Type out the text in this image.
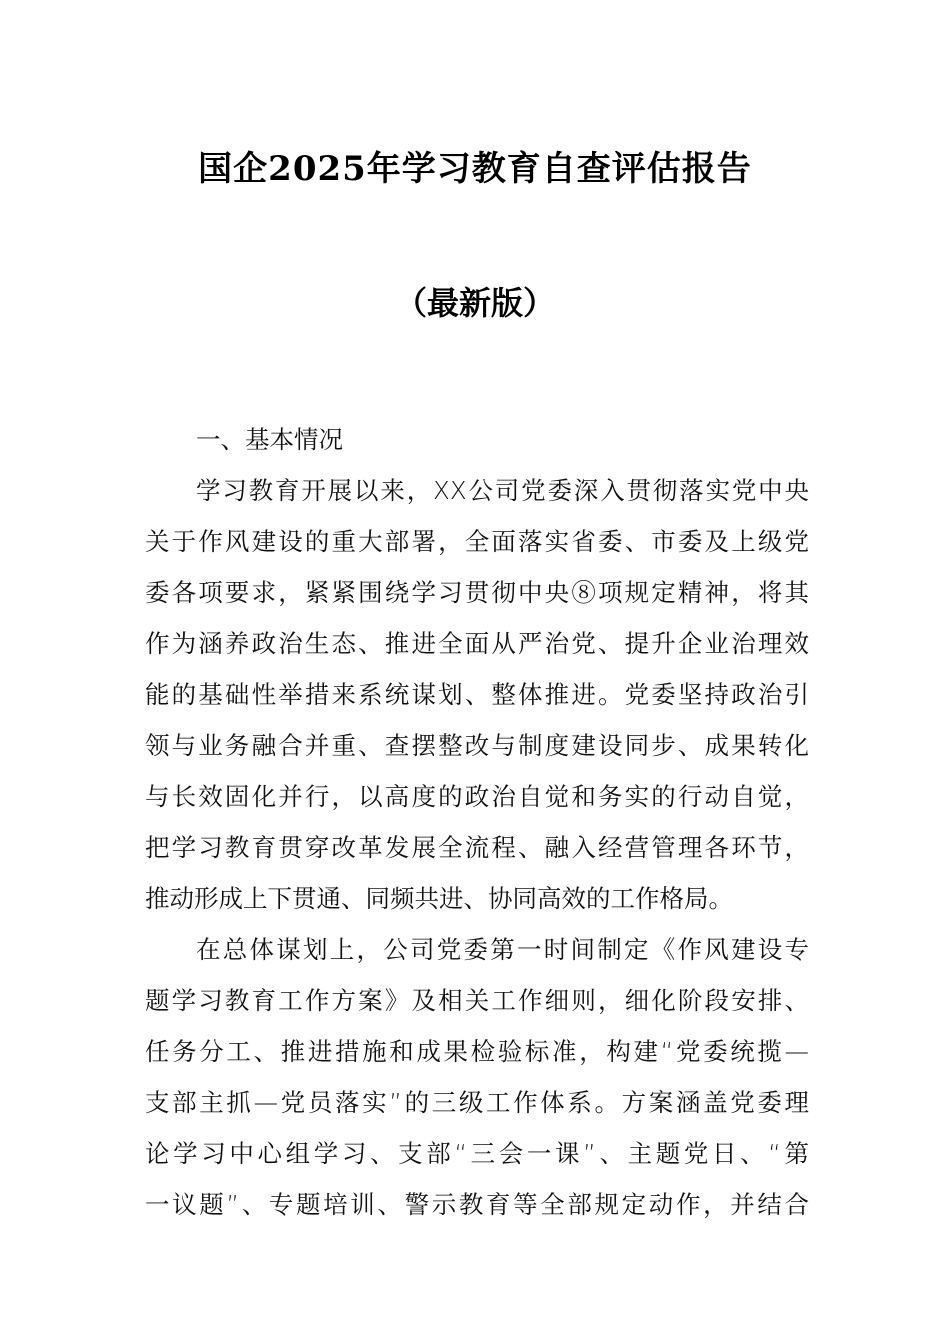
国企2025年学习教育自查评估报告
（最新版）
一、基本情况
学习教育开展以来，XX公司党委深入贯彻落实党中央
关于作风建设的重大部署，全面落实省委、市委及上级党
委各项要求，紧紧围绕学习贯彻中央⑧项规定精神，将其
作为涵养政治生态、推进全面从严治党、提升企业治理效
能的基础性举措来系统谋划、整体推进。党委坚持政治引
领与业务融合并重、查摆整改与制度建设同步、成果转化
与长效固化并行，以高度的政治自觉和务实的行动自觉，
把学习教育贯穿改革发展全流程、融入经营管理各环节，
推动形成上下贯通、同频共进、协同高效的工作格局。
在总体谋划上，公司党委第一时间制定《作风建设专
题学习教育工作方案》及相关工作细则，细化阶段安排、
任务分工、推进措施和成果检验标准，构建“党委统揽—
支部主抓—党员落实”的三级工作体系。方案涵盖党委理
论学习中心组学习、支部“三会一课”、主题党日、“第
一议题”、专题培训、警示教育等全部规定动作，并结合
